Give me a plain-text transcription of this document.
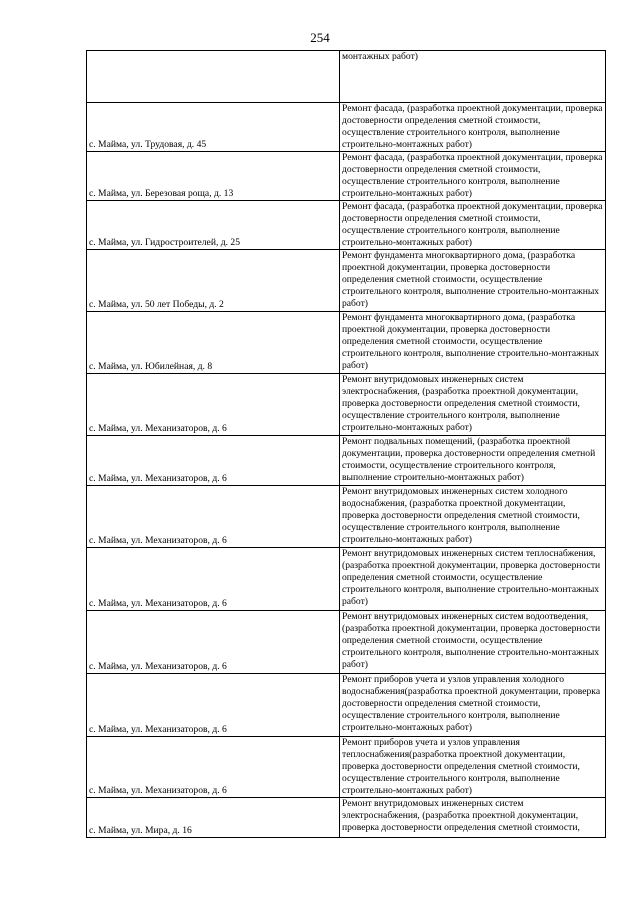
254
	монтажных работ)
с. Майма, ул. Трудовая, д. 45	Ремонт фасада, (разработка проектной документации, проверка достоверности определения сметной стоимости, осуществление строительного контроля, выполнение строительно-монтажных работ)
с. Майма, ул. Березовая роща, д. 13	Ремонт фасада, (разработка проектной документации, проверка достоверности определения сметной стоимости, осуществление строительного контроля, выполнение строительно-монтажных работ)
с. Майма, ул. Гидростроителей, д. 25	Ремонт фасада, (разработка проектной документации, проверка достоверности определения сметной стоимости, осуществление строительного контроля, выполнение строительно-монтажных работ)
с. Майма, ул. 50 лет Победы, д. 2	Ремонт фундамента многоквартирного дома, (разработка проектной документации, проверка достоверности определения сметной стоимости, осуществление строительного контроля, выполнение строительно-монтажных работ)
с. Майма, ул. Юбилейная, д. 8	Ремонт фундамента многоквартирного дома, (разработка проектной документации, проверка достоверности определения сметной стоимости, осуществление строительного контроля, выполнение строительно-монтажных работ)
с. Майма, ул. Механизаторов, д. 6	Ремонт внутридомовых инженерных систем электроснабжения, (разработка проектной документации, проверка достоверности определения сметной стоимости, осуществление строительного контроля, выполнение строительно-монтажных работ)
с. Майма, ул. Механизаторов, д. 6	Ремонт подвальных помещений, (разработка проектной документации, проверка достоверности определения сметной стоимости, осуществление строительного контроля, выполнение строительно-монтажных работ)
с. Майма, ул. Механизаторов, д. 6	Ремонт внутридомовых инженерных систем холодного водоснабжения, (разработка проектной документации, проверка достоверности определения сметной стоимости, осуществление строительного контроля, выполнение строительно-монтажных работ)
с. Майма, ул. Механизаторов, д. 6	Ремонт внутридомовых инженерных систем теплоснабжения, (разработка проектной документации, проверка достоверности определения сметной стоимости, осуществление строительного контроля, выполнение строительно-монтажных работ)
с. Майма, ул. Механизаторов, д. 6	Ремонт внутридомовых инженерных систем водоотведения, (разработка проектной документации, проверка достоверности определения сметной стоимости, осуществление строительного контроля, выполнение строительно-монтажных работ)
с. Майма, ул. Механизаторов, д. 6	Ремонт приборов учета и узлов управления холодного водоснабжения(разработка проектной документации, проверка достоверности определения сметной стоимости, осуществление строительного контроля, выполнение строительно-монтажных работ)
с. Майма, ул. Механизаторов, д. 6	Ремонт приборов учета и узлов управления теплоснабжения(разработка проектной документации, проверка достоверности определения сметной стоимости, осуществление строительного контроля, выполнение строительно-монтажных работ)
с. Майма, ул. Мира, д. 16	Ремонт внутридомовых инженерных систем электроснабжения, (разработка проектной документации, проверка достоверности определения сметной стоимости,
